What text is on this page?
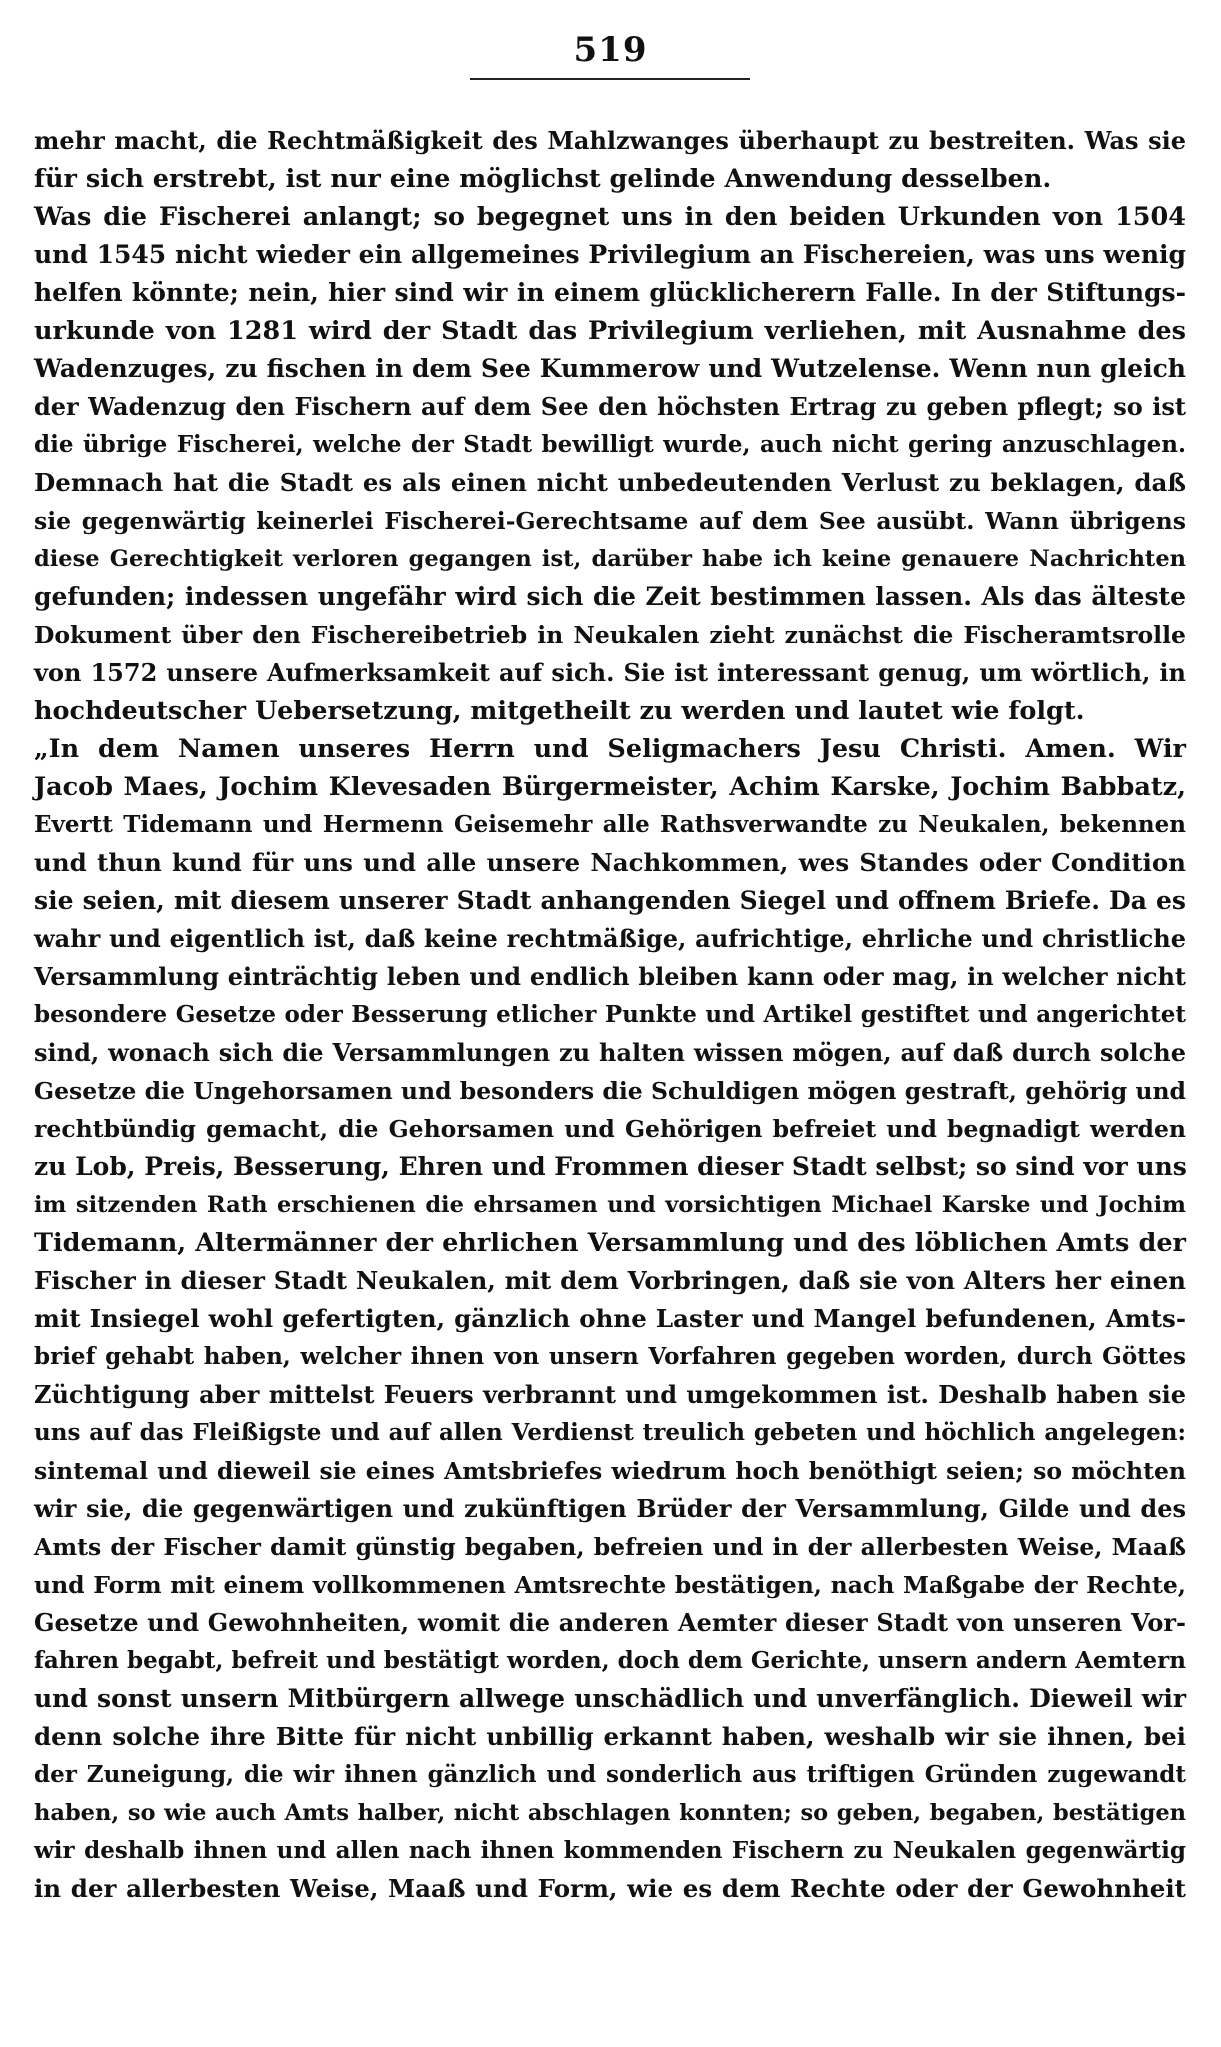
519
mehr macht, die Rechtmäßigkeit des Mahlzwanges überhaupt zu bestreiten. Was sie
für sich erstrebt, ist nur eine möglichst gelinde Anwendung desselben.
Was die Fischerei anlangt; so begegnet uns in den beiden Urkunden von 1504
und 1545 nicht wieder ein allgemeines Privilegium an Fischereien, was uns wenig
helfen könnte; nein, hier sind wir in einem glücklicherern Falle. In der Stiftungs-
urkunde von 1281 wird der Stadt das Privilegium verliehen, mit Ausnahme des
Wadenzuges, zu fischen in dem See Kummerow und Wutzelense. Wenn nun gleich
der Wadenzug den Fischern auf dem See den höchsten Ertrag zu geben pflegt; so ist
die übrige Fischerei, welche der Stadt bewilligt wurde, auch nicht gering anzuschlagen.
Demnach hat die Stadt es als einen nicht unbedeutenden Verlust zu beklagen, daß
sie gegenwärtig keinerlei Fischerei-Gerechtsame auf dem See ausübt. Wann übrigens
diese Gerechtigkeit verloren gegangen ist, darüber habe ich keine genauere Nachrichten
gefunden; indessen ungefähr wird sich die Zeit bestimmen lassen. Als das älteste
Dokument über den Fischereibetrieb in Neukalen zieht zunächst die Fischeramtsrolle
von 1572 unsere Aufmerksamkeit auf sich. Sie ist interessant genug, um wörtlich, in
hochdeutscher Uebersetzung, mitgetheilt zu werden und lautet wie folgt.
„In dem Namen unseres Herrn und Seligmachers Jesu Christi. Amen. Wir
Jacob Maes, Jochim Klevesaden Bürgermeister, Achim Karske, Jochim Babbatz,
Evertt Tidemann und Hermenn Geisemehr alle Rathsverwandte zu Neukalen, bekennen
und thun kund für uns und alle unsere Nachkommen, wes Standes oder Condition
sie seien, mit diesem unserer Stadt anhangenden Siegel und offnem Briefe. Da es
wahr und eigentlich ist, daß keine rechtmäßige, aufrichtige, ehrliche und christliche
Versammlung einträchtig leben und endlich bleiben kann oder mag, in welcher nicht
besondere Gesetze oder Besserung etlicher Punkte und Artikel gestiftet und angerichtet
sind, wonach sich die Versammlungen zu halten wissen mögen, auf daß durch solche
Gesetze die Ungehorsamen und besonders die Schuldigen mögen gestraft, gehörig und
rechtbündig gemacht, die Gehorsamen und Gehörigen befreiet und begnadigt werden
zu Lob, Preis, Besserung, Ehren und Frommen dieser Stadt selbst; so sind vor uns
im sitzenden Rath erschienen die ehrsamen und vorsichtigen Michael Karske und Jochim
Tidemann, Altermänner der ehrlichen Versammlung und des löblichen Amts der
Fischer in dieser Stadt Neukalen, mit dem Vorbringen, daß sie von Alters her einen
mit Insiegel wohl gefertigten, gänzlich ohne Laster und Mangel befundenen, Amts-
brief gehabt haben, welcher ihnen von unsern Vorfahren gegeben worden, durch Göttes
Züchtigung aber mittelst Feuers verbrannt und umgekommen ist. Deshalb haben sie
uns auf das Fleißigste und auf allen Verdienst treulich gebeten und höchlich angelegen:
sintemal und dieweil sie eines Amtsbriefes wiedrum hoch benöthigt seien; so möchten
wir sie, die gegenwärtigen und zukünftigen Brüder der Versammlung, Gilde und des
Amts der Fischer damit günstig begaben, befreien und in der allerbesten Weise, Maaß
und Form mit einem vollkommenen Amtsrechte bestätigen, nach Maßgabe der Rechte,
Gesetze und Gewohnheiten, womit die anderen Aemter dieser Stadt von unseren Vor-
fahren begabt, befreit und bestätigt worden, doch dem Gerichte, unsern andern Aemtern
und sonst unsern Mitbürgern allwege unschädlich und unverfänglich. Dieweil wir
denn solche ihre Bitte für nicht unbillig erkannt haben, weshalb wir sie ihnen, bei
der Zuneigung, die wir ihnen gänzlich und sonderlich aus triftigen Gründen zugewandt
haben, so wie auch Amts halber, nicht abschlagen konnten; so geben, begaben, bestätigen
wir deshalb ihnen und allen nach ihnen kommenden Fischern zu Neukalen gegenwärtig
in der allerbesten Weise, Maaß und Form, wie es dem Rechte oder der Gewohnheit
